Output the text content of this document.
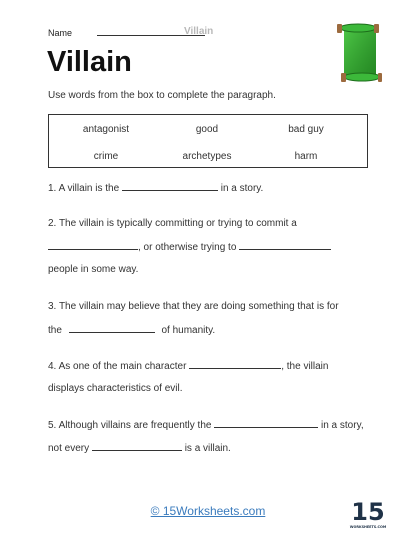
Name	Villain
Villain
Use words from the box to complete the paragraph.
antagonist	good	bad guy
crime	archetypes	harm
1. A villain is the	in a story.
2. The villain is typically committing or trying to commit a
, or otherwise trying to
people in some way.
3. The villain may believe that they are doing something that is for
the	of humanity.
4. As one of the main character	, the villain
displays characteristics of evil.
5. Although villains are frequently the	in a story,
not every	is a villain.
© 15Worksheets.com	15
WORKSHEETS.COM
